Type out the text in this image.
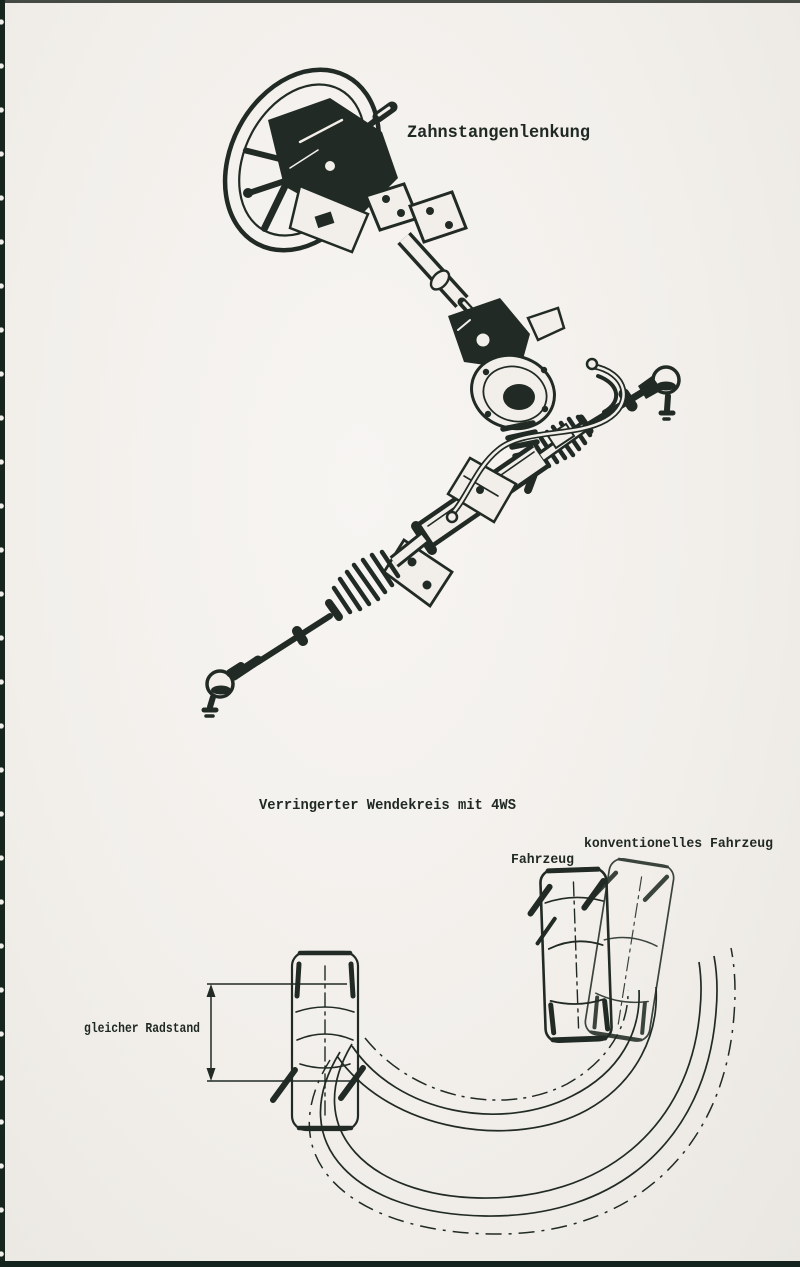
Zahnstangenlenkung
Verringerter Wendekreis mit 4WS
konventionelles Fahrzeug
Fahrzeug
gleicher Radstand
